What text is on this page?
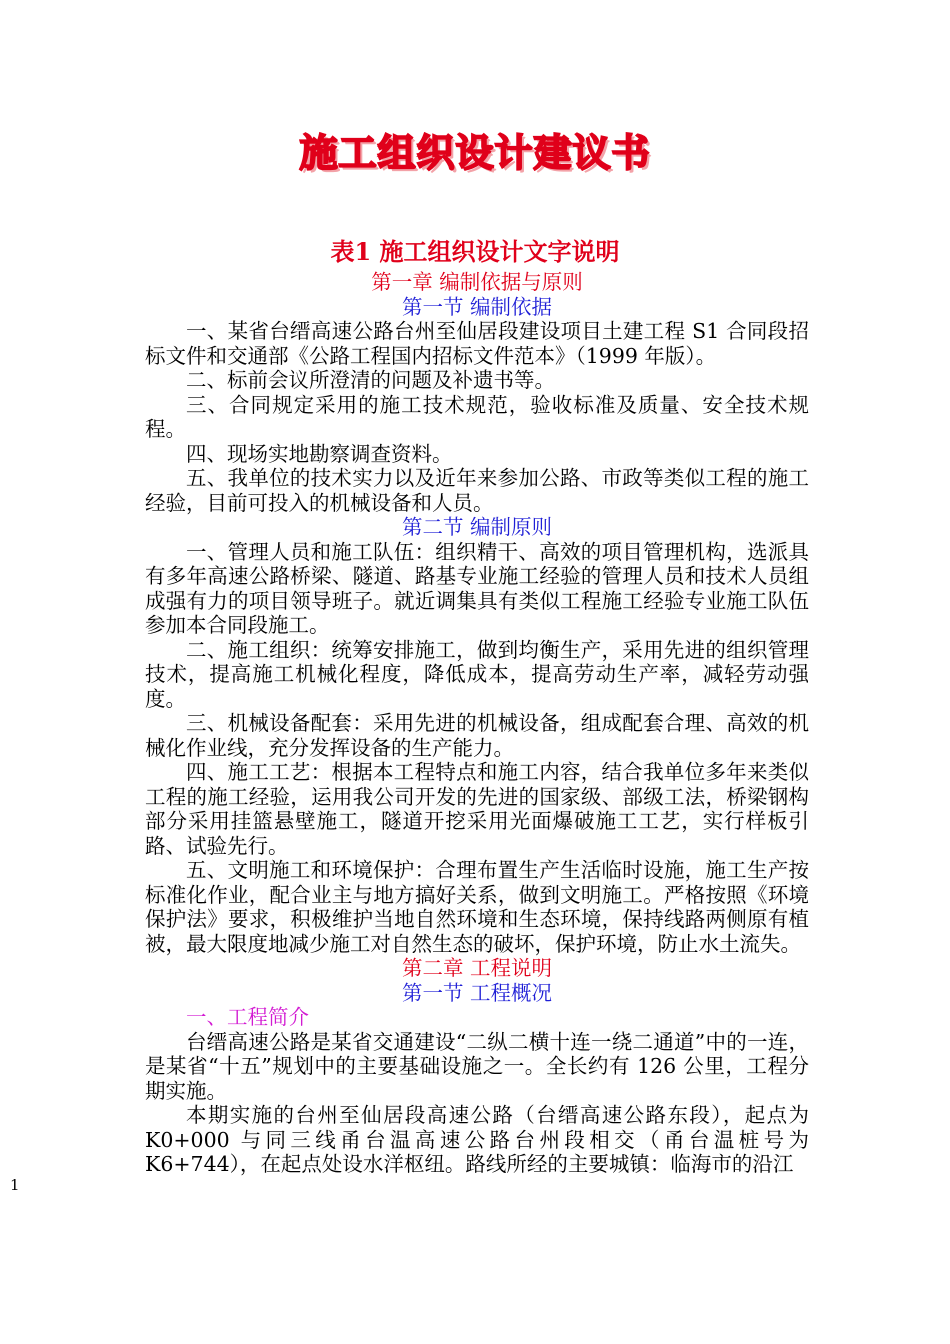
施工组织设计建议书
表1 施工组织设计文字说明
第一章 编制依据与原则
第一节 编制依据

一、某省台缙高速公路台州至仙居段建设项目土建工程 S1 合同段招标文件和交通部《公路工程国内招标文件范本》（1999 年版）。

二、标前会议所澄清的问题及补遗书等。

三、合同规定采用的施工技术规范，验收标准及质量、安全技术规程。

四、现场实地勘察调查资料。

五、我单位的技术实力以及近年来参加公路、市政等类似工程的施工经验，目前可投入的机械设备和人员。

第二节 编制原则

一、管理人员和施工队伍：组织精干、高效的项目管理机构，选派具有多年高速公路桥梁、隧道、路基专业施工经验的管理人员和技术人员组成强有力的项目领导班子。就近调集具有类似工程施工经验专业施工队伍参加本合同段施工。

二、施工组织：统筹安排施工，做到均衡生产，采用先进的组织管理技术，提高施工机械化程度，降低成本，提高劳动生产率，减轻劳动强度。

三、机械设备配套：采用先进的机械设备，组成配套合理、高效的机械化作业线，充分发挥设备的生产能力。

四、施工工艺：根据本工程特点和施工内容，结合我单位多年来类似工程的施工经验，运用我公司开发的先进的国家级、部级工法，桥梁钢构部分采用挂篮悬壁施工，隧道开挖采用光面爆破施工工艺，实行样板引路、试验先行。

五、文明施工和环境保护：合理布置生产生活临时设施，施工生产按标准化作业，配合业主与地方搞好关系，做到文明施工。严格按照《环境保护法》要求，积极维护当地自然环境和生态环境，保持线路两侧原有植被，最大限度地减少施工对自然生态的破坏，保护环境，防止水土流失。

第二章 工程说明
第一节 工程概况
一、工程简介

台缙高速公路是某省交通建设“二纵二横十连一绕二通道”中的一连，是某省“十五”规划中的主要基础设施之一。全长约有 126 公里，工程分期实施。

本期实施的台州至仙居段高速公路（台缙高速公路东段），起点为 K0+000 与同三线甬台温高速公路台州段相交（甬台温桩号为 K6+744），在起点处设水洋枢纽。路线所经的主要城镇：临海市的沿江

1
